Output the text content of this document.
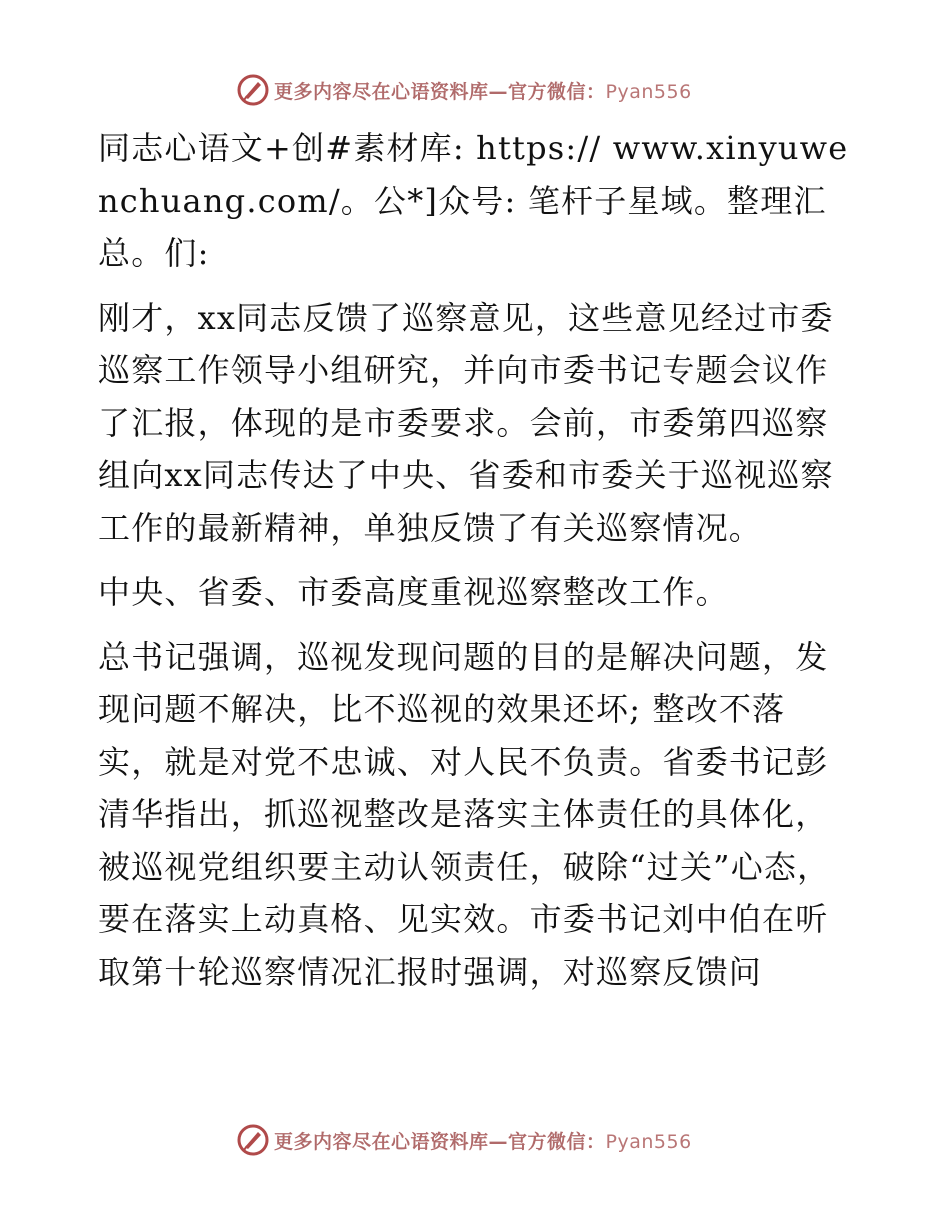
更多内容尽在心语资料库—官方微信：Pyan556

同志心语文+创#素材库: https:// www.xinyuwenchuang.com/。公*]众号: 笔杆子星域。整理汇总。们:

刚才，xx同志反馈了巡察意见，这些意见经过市委巡察工作领导小组研究，并向市委书记专题会议作了汇报，体现的是市委要求。会前，市委第四巡察组向xx同志传达了中央、省委和市委关于巡视巡察工作的最新精神，单独反馈了有关巡察情况。

中央、省委、市委高度重视巡察整改工作。

总书记强调，巡视发现问题的目的是解决问题，发现问题不解决，比不巡视的效果还坏; 整改不落实，就是对党不忠诚、对人民不负责。省委书记彭清华指出，抓巡视整改是落实主体责任的具体化，被巡视党组织要主动认领责任，破除“过关”心态，要在落实上动真格、见实效。市委书记刘中伯在听取第十轮巡察情况汇报时强调，对巡察反馈问

更多内容尽在心语资料库—官方微信：Pyan556
